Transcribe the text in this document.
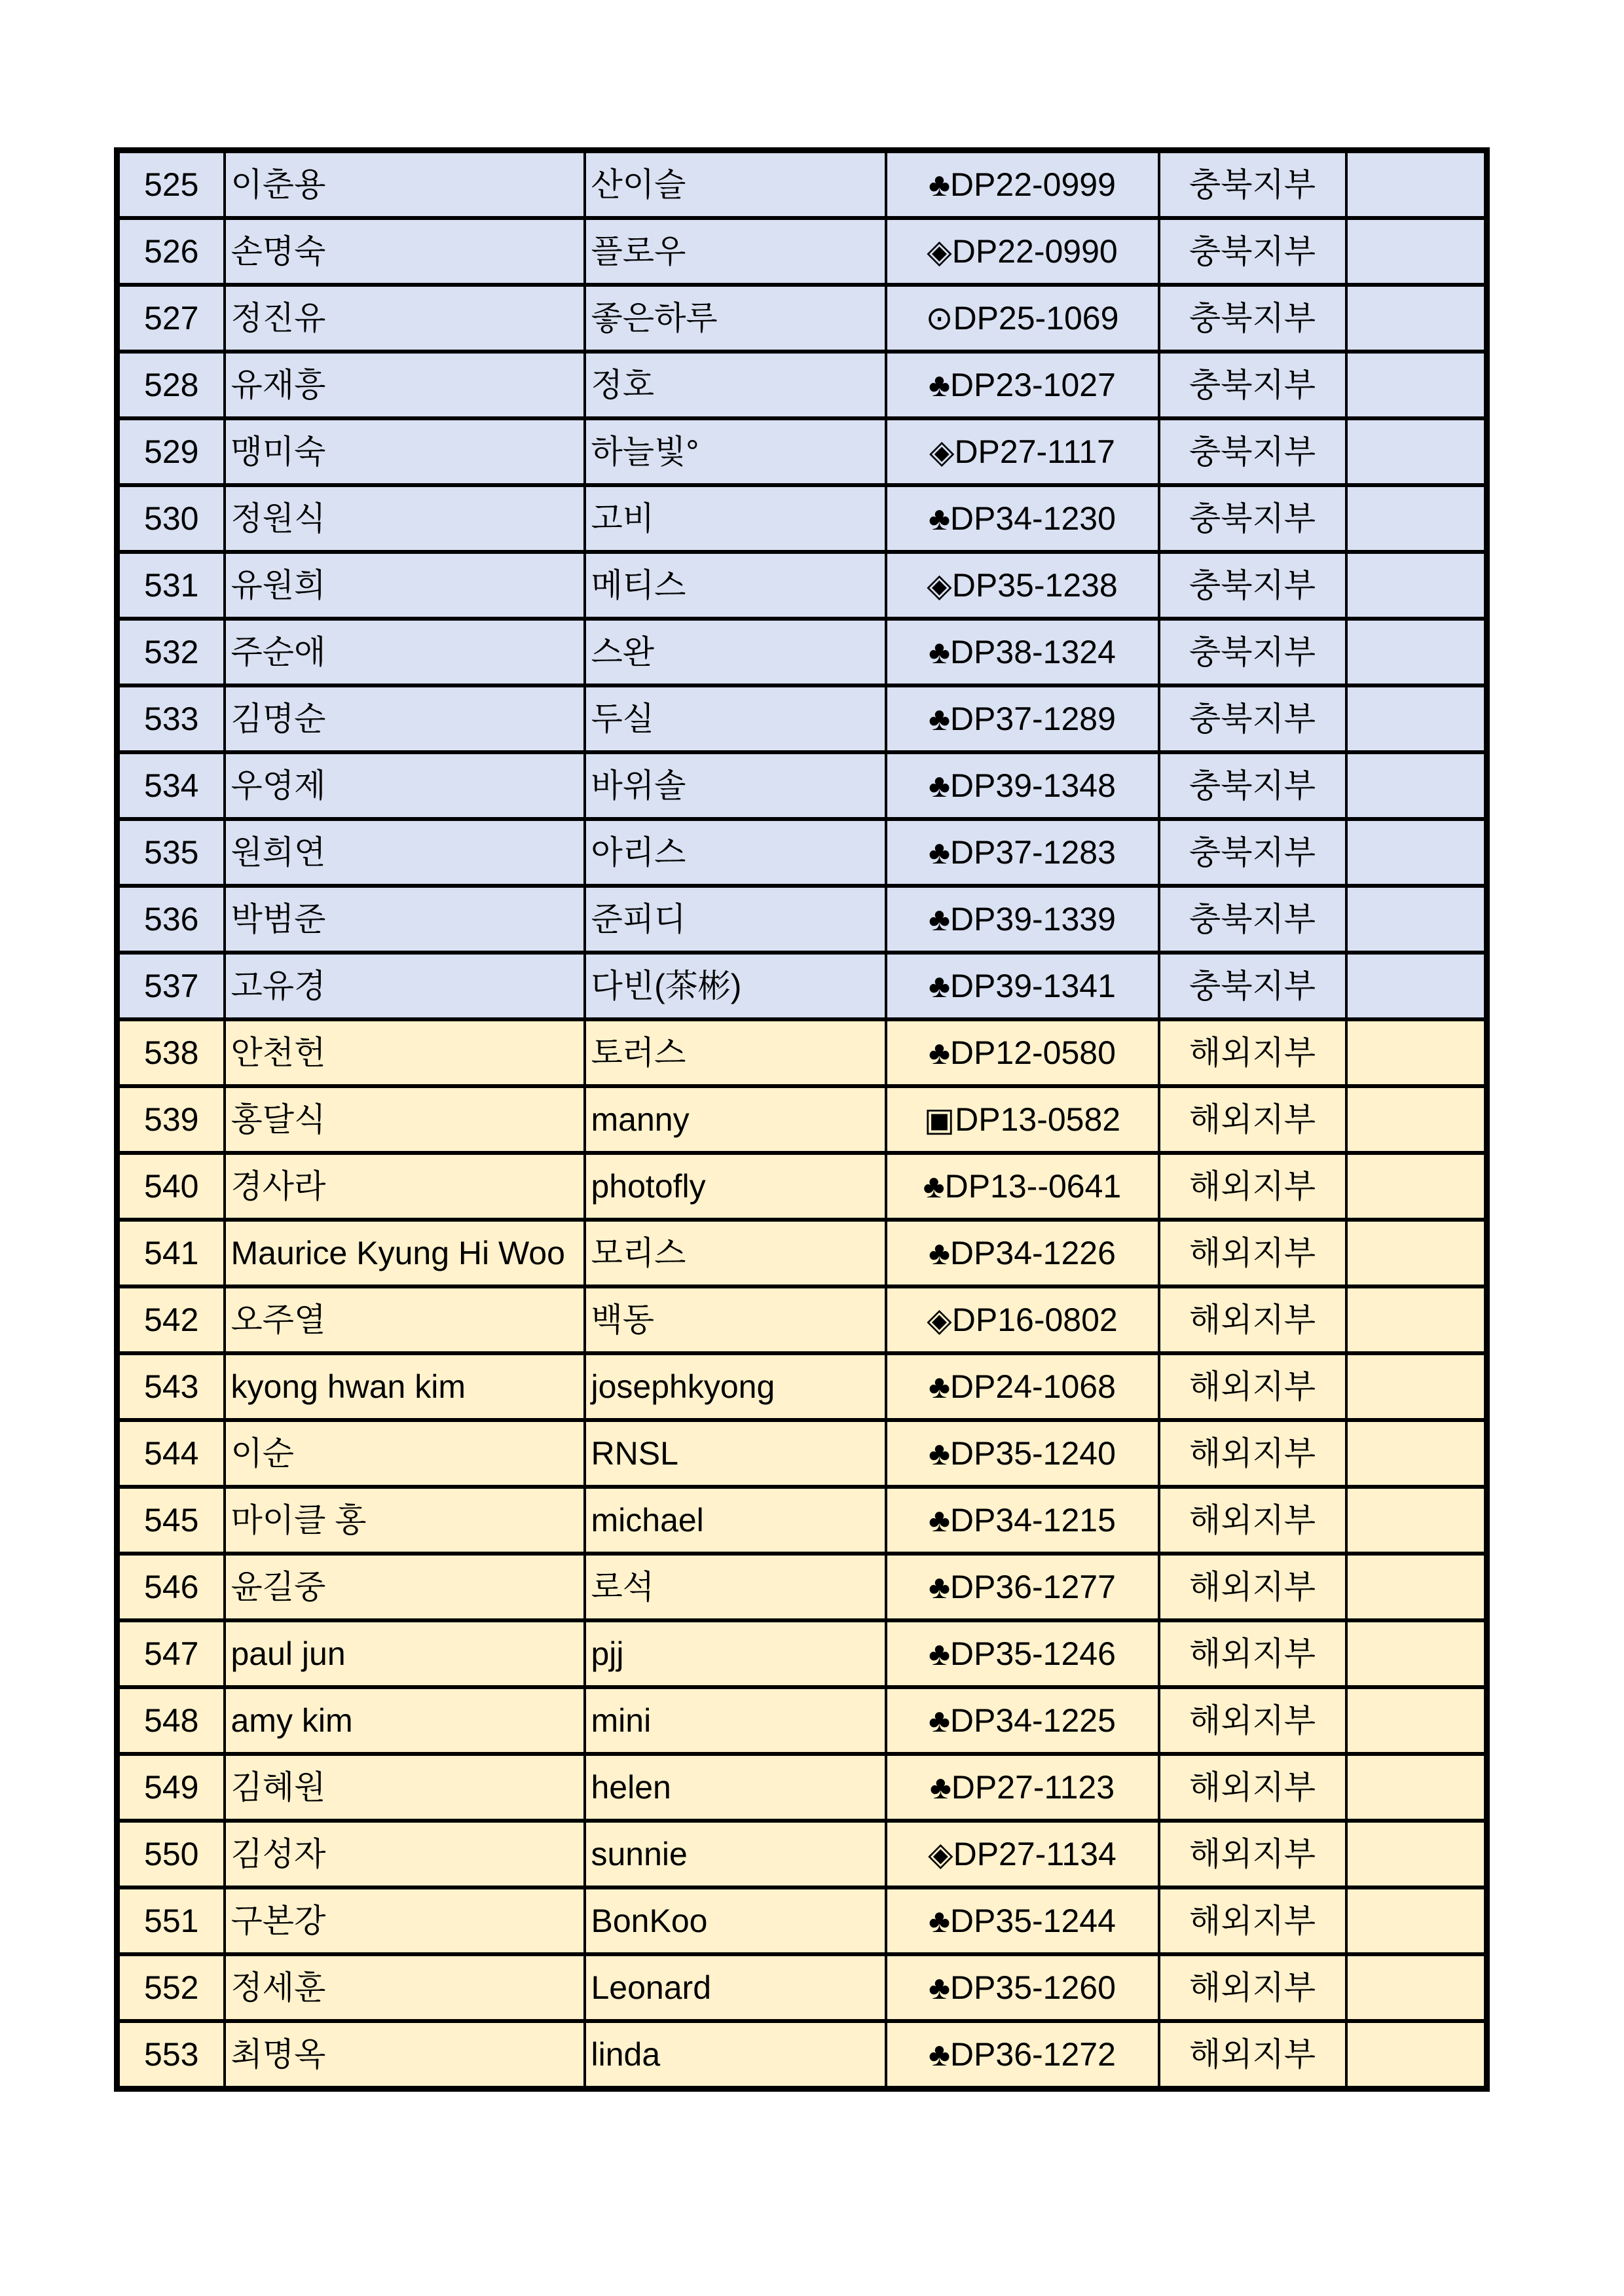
525	이춘용	산이슬	♣DP22-0999	충북지부	
526	손명숙	플로우	◈DP22-0990	충북지부	
527	정진유	좋은하루	⊙DP25-1069	충북지부	
528	유재흥	정호	♣DP23-1027	충북지부	
529	맹미숙	하늘빛°	◈DP27-1117	충북지부	
530	정원식	고비	♣DP34-1230	충북지부	
531	유원희	메티스	◈DP35-1238	충북지부	
532	주순애	스완	♣DP38-1324	충북지부	
533	김명순	두실	♣DP37-1289	충북지부	
534	우영제	바위솔	♣DP39-1348	충북지부	
535	원희연	아리스	♣DP37-1283	충북지부	
536	박범준	준피디	♣DP39-1339	충북지부	
537	고유경	다빈(茶彬)	♣DP39-1341	충북지부	
538	안천헌	토러스	♣DP12-0580	해외지부	
539	홍달식	manny	▣DP13-0582	해외지부	
540	경사라	photofly	♣DP13--0641	해외지부	
541	Maurice Kyung Hi Woo	모리스	♣DP34-1226	해외지부	
542	오주열	백동	◈DP16-0802	해외지부	
543	kyong hwan kim	josephkyong	♣DP24-1068	해외지부	
544	이순	RNSL	♣DP35-1240	해외지부	
545	마이클 홍	michael	♣DP34-1215	해외지부	
546	윤길중	로석	♣DP36-1277	해외지부	
547	paul jun	pjj	♣DP35-1246	해외지부	
548	amy kim	mini	♣DP34-1225	해외지부	
549	김혜원	helen	♣DP27-1123	해외지부	
550	김성자	sunnie	◈DP27-1134	해외지부	
551	구본강	BonKoo	♣DP35-1244	해외지부	
552	정세훈	Leonard	♣DP35-1260	해외지부	
553	최명옥	linda	♣DP36-1272	해외지부	
